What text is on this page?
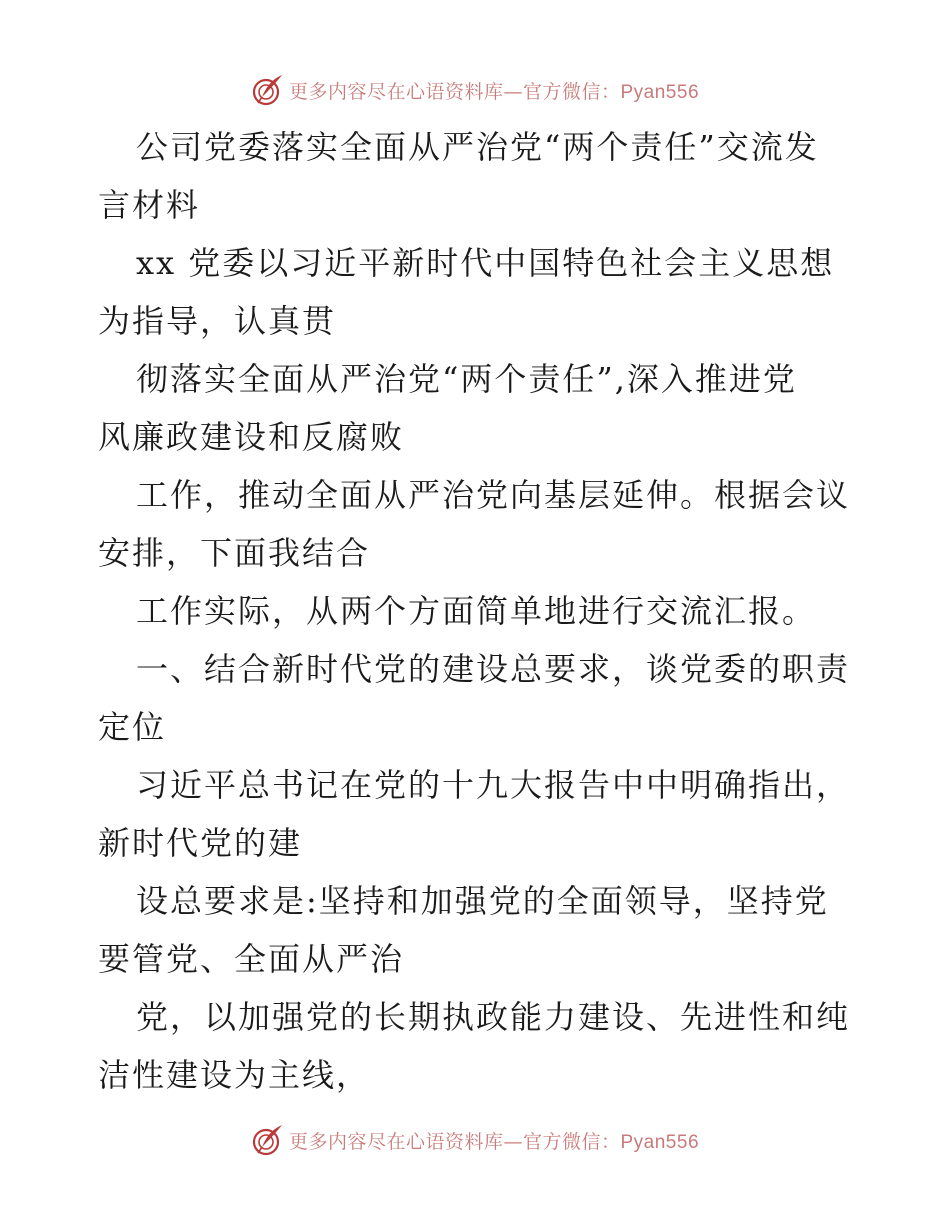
更多内容尽在心语资料库—官方微信：Pyan556
公司党委落实全面从严治党“两个责任”交流发
言材料
xx 党委以习近平新时代中国特色社会主义思想
为指导，认真贯
彻落实全面从严治党“两个责任”,深入推进党
风廉政建设和反腐败
工作，推动全面从严治党向基层延伸。根据会议
安排，下面我结合
工作实际，从两个方面简单地进行交流汇报。
一、结合新时代党的建设总要求，谈党委的职责
定位
习近平总书记在党的十九大报告中中明确指出，
新时代党的建
设总要求是:坚持和加强党的全面领导，坚持党
要管党、全面从严治
党，以加强党的长期执政能力建设、先进性和纯
洁性建设为主线，
更多内容尽在心语资料库—官方微信：Pyan556
